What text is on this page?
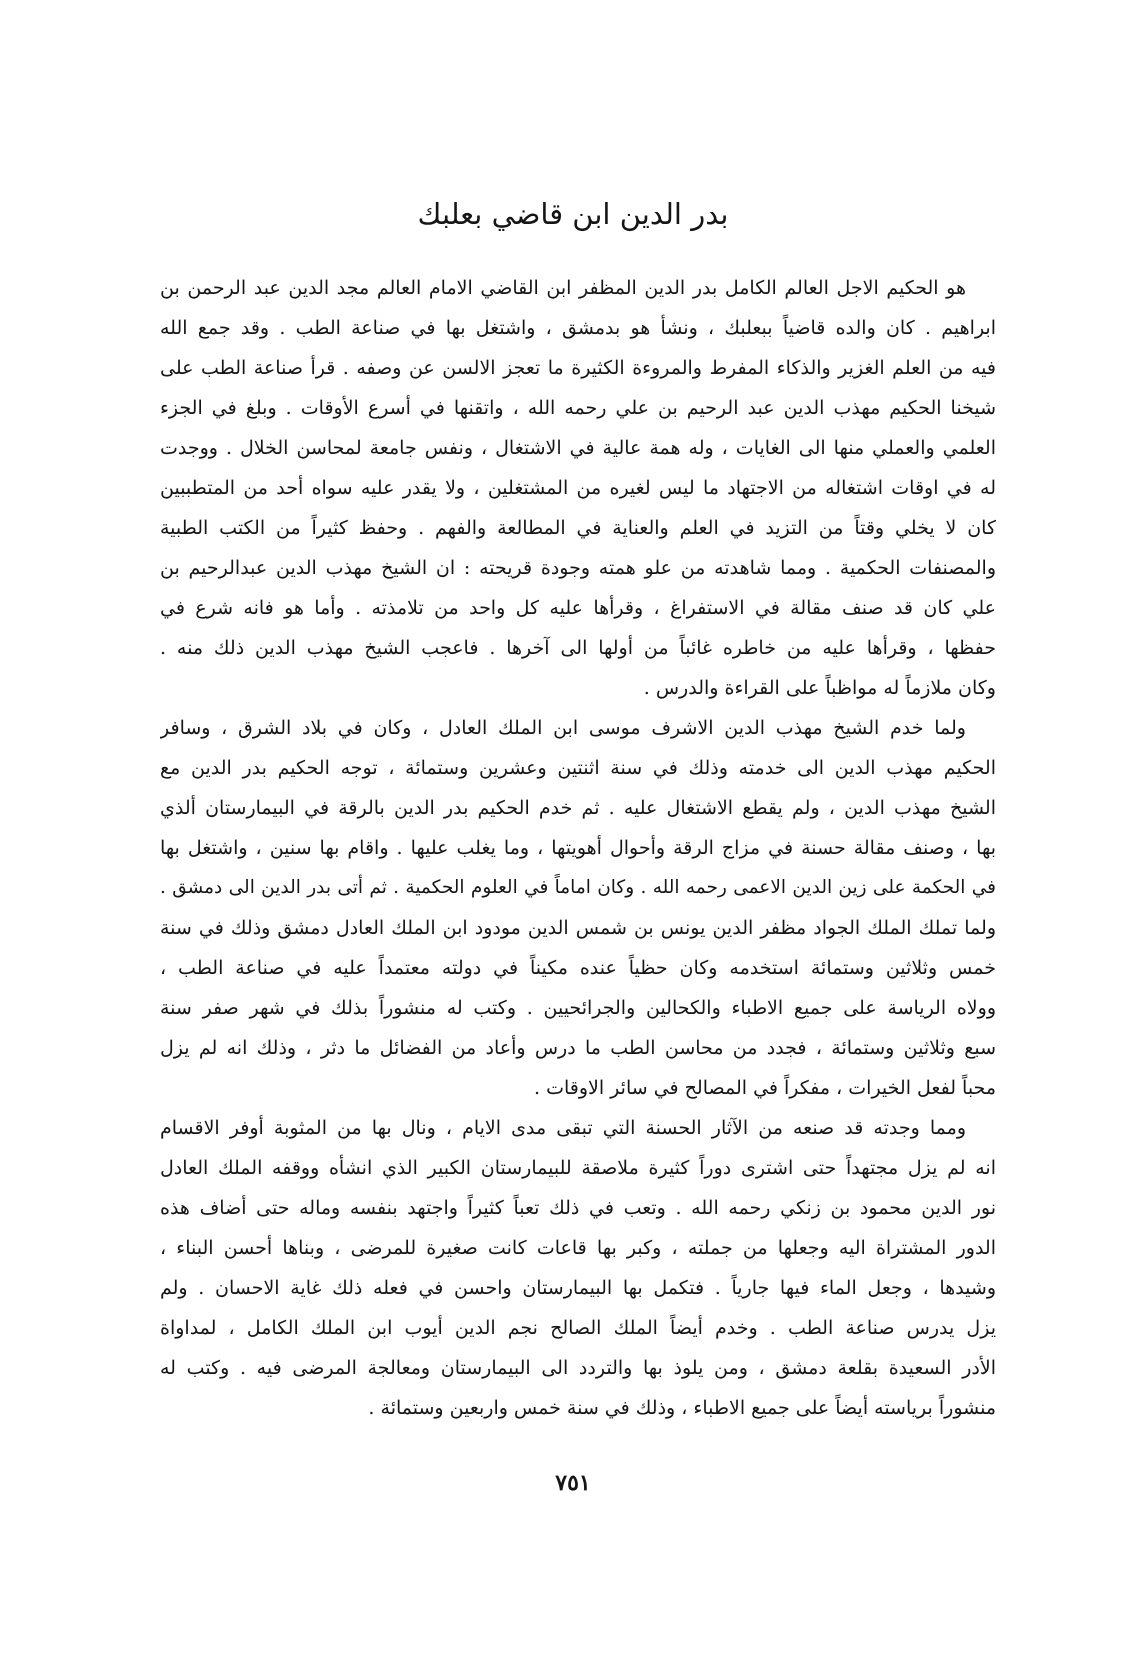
بدر الدين ابن قاضي بعلبك
هو الحكيم الاجل العالم الكامل بدر الدين المظفر ابن القاضي الامام العالم مجد الدين عبد الرحمن بن
ابراهيم . كان والده قاضياً ببعلبك ، ونشأ هو بدمشق ، واشتغل بها في صناعة الطب . وقد جمع الله
فيه من العلم الغزير والذكاء المفرط والمروءة الكثيرة ما تعجز الالسن عن وصفه . قرأ صناعة الطب على
شيخنا الحكيم مهذب الدين عبد الرحيم بن علي رحمه الله ، واتقنها في أسرع الأوقات . وبلغ في الجزء
العلمي والعملي منها الى الغايات ، وله همة عالية في الاشتغال ، ونفس جامعة لمحاسن الخلال . ووجدت
له في اوقات اشتغاله من الاجتهاد ما ليس لغيره من المشتغلين ، ولا يقدر عليه سواه أحد من المتطببين
كان لا يخلي وقتاً من التزيد في العلم والعناية في المطالعة والفهم . وحفظ كثيراً من الكتب الطبية
والمصنفات الحكمية . ومما شاهدته من علو همته وجودة قريحته : ان الشيخ مهذب الدين عبدالرحيم بن
علي كان قد صنف مقالة في الاستفراغ ، وقرأها عليه كل واحد من تلامذته . وأما هو فانه شرع في
حفظها ، وقرأها عليه من خاطره غائباً من أولها الى آخرها . فاعجب الشيخ مهذب الدين ذلك منه .
وكان ملازماً له مواظباً على القراءة والدرس .
ولما خدم الشيخ مهذب الدين الاشرف موسى ابن الملك العادل ، وكان في بلاد الشرق ، وسافر
الحكيم مهذب الدين الى خدمته وذلك في سنة اثنتين وعشرين وستمائة ، توجه الحكيم بدر الدين مع
الشيخ مهذب الدين ، ولم يقطع الاشتغال عليه . ثم خدم الحكيم بدر الدين بالرقة في البيمارستان ألذي
بها ، وصنف مقالة حسنة في مزاج الرقة وأحوال أهويتها ، وما يغلب عليها . واقام بها سنين ، واشتغل بها
في الحكمة على زين الدين الاعمى رحمه الله . وكان اماماً في العلوم الحكمية . ثم أتى بدر الدين الى دمشق .
ولما تملك الملك الجواد مظفر الدين يونس بن شمس الدين مودود ابن الملك العادل دمشق وذلك في سنة
خمس وثلاثين وستمائة استخدمه وكان حظياً عنده مكيناً في دولته معتمداً عليه في صناعة الطب ،
وولاه الرياسة على جميع الاطباء والكحالين والجرائحيين . وكتب له منشوراً بذلك في شهر صفر سنة
سبع وثلاثين وستمائة ، فجدد من محاسن الطب ما درس وأعاد من الفضائل ما دثر ، وذلك انه لم يزل
محباً لفعل الخيرات ، مفكراً في المصالح في سائر الاوقات .
ومما وجدته قد صنعه من الآثار الحسنة التي تبقى مدى الايام ، ونال بها من المثوبة أوفر الاقسام
انه لم يزل مجتهداً حتى اشترى دوراً كثيرة ملاصقة للبيمارستان الكبير الذي انشأه ووقفه الملك العادل
نور الدين محمود بن زنكي رحمه الله . وتعب في ذلك تعباً كثيراً واجتهد بنفسه وماله حتى أضاف هذه
الدور المشتراة اليه وجعلها من جملته ، وكبر بها قاعات كانت صغيرة للمرضى ، وبناها أحسن البناء ،
وشيدها ، وجعل الماء فيها جارياً . فتكمل بها البيمارستان واحسن في فعله ذلك غاية الاحسان . ولم
يزل يدرس صناعة الطب . وخدم أيضاً الملك الصالح نجم الدين أيوب ابن الملك الكامل ، لمداواة
الأدر السعيدة بقلعة دمشق ، ومن يلوذ بها والتردد الى البيمارستان ومعالجة المرضى فيه . وكتب له
منشوراً برياسته أيضاً على جميع الاطباء ، وذلك في سنة خمس واربعين وستمائة .
٧٥١
